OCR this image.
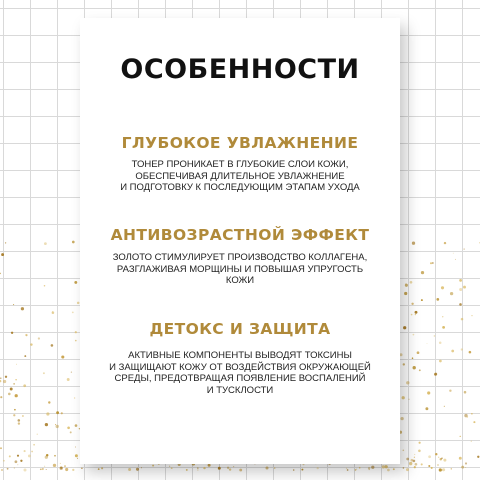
ОСОБЕННОСТИ
ГЛУБОКОЕ УВЛАЖНЕНИЕ
ТОНЕР ПРОНИКАЕТ В ГЛУБОКИЕ СЛОИ КОЖИ,
ОБЕСПЕЧИВАЯ ДЛИТЕЛЬНОЕ УВЛАЖНЕНИЕ
И ПОДГОТОВКУ К ПОСЛЕДУЮЩИМ ЭТАПАМ УХОДА
АНТИВОЗРАСТНОЙ ЭФФЕКТ
ЗОЛОТО СТИМУЛИРУЕТ ПРОИЗВОДСТВО КОЛЛАГЕНА,
РАЗГЛАЖИВАЯ МОРЩИНЫ И ПОВЫШАЯ УПРУГОСТЬ
КОЖИ
ДЕТОКС И ЗАЩИТА
АКТИВНЫЕ КОМПОНЕНТЫ ВЫВОДЯТ ТОКСИНЫ
И ЗАЩИЩАЮТ КОЖУ ОТ ВОЗДЕЙСТВИЯ ОКРУЖАЮЩЕЙ
СРЕДЫ, ПРЕДОТВРАЩАЯ ПОЯВЛЕНИЕ ВОСПАЛЕНИЙ
И ТУСКЛОСТИ
